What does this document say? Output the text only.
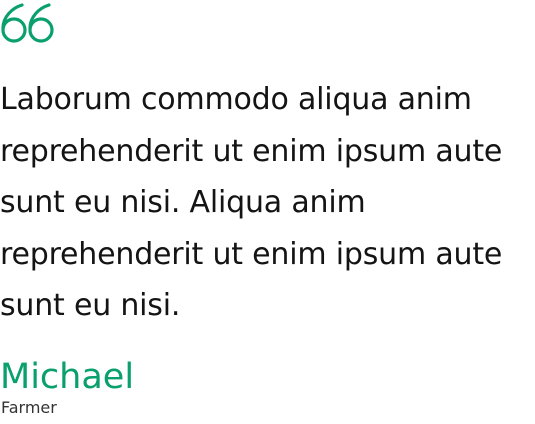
Laborum commodo aliqua anim reprehenderit ut enim ipsum aute sunt eu nisi. Aliqua anim reprehenderit ut enim ipsum aute sunt eu nisi.

Michael
Farmer
